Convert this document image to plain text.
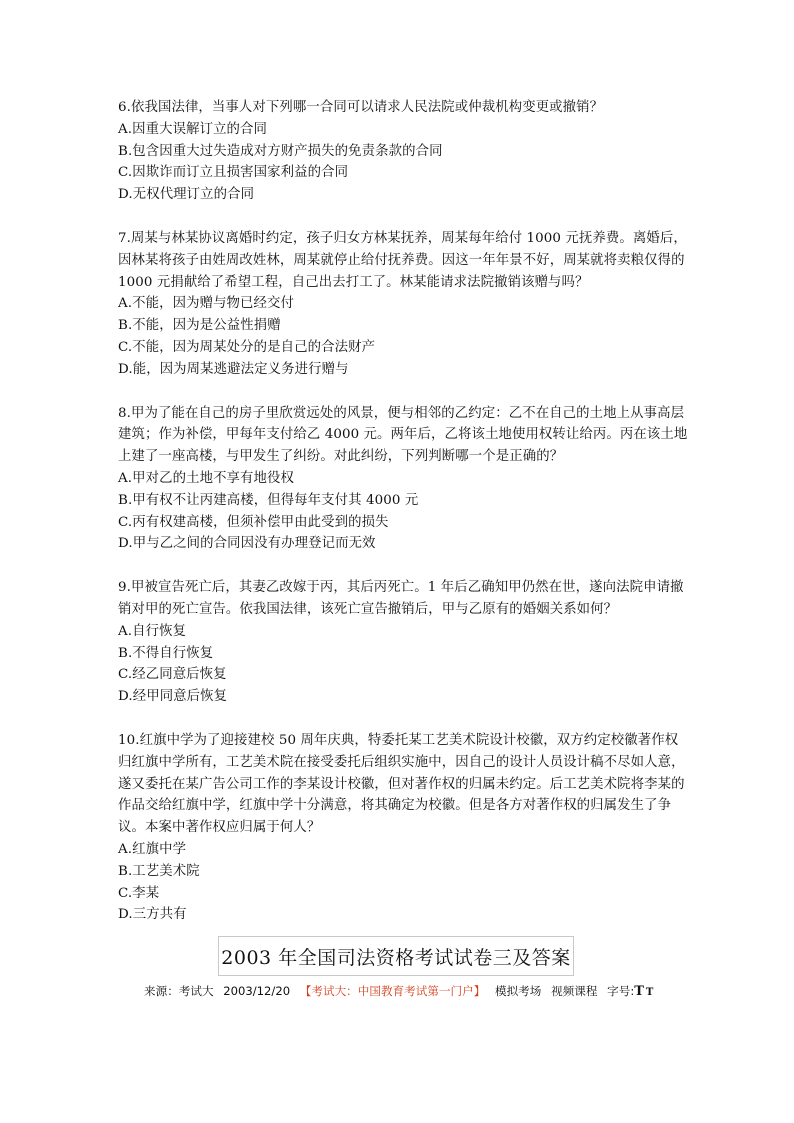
6.依我国法律，当事人对下列哪一合同可以请求人民法院或仲裁机构变更或撤销？

A.因重大误解订立的合同

B.包含因重大过失造成对方财产损失的免责条款的合同

C.因欺诈而订立且损害国家利益的合同

D.无权代理订立的合同

7.周某与林某协议离婚时约定，孩子归女方林某抚养，周某每年给付 1000 元抚养费。离婚后，因林某将孩子由姓周改姓林，周某就停止给付抚养费。因这一年年景不好，周某就将卖粮仅得的 1000 元捐献给了希望工程，自己出去打工了。林某能请求法院撤销该赠与吗？

A.不能，因为赠与物已经交付

B.不能，因为是公益性捐赠

C.不能，因为周某处分的是自己的合法财产

D.能，因为周某逃避法定义务进行赠与

8.甲为了能在自己的房子里欣赏远处的风景，便与相邻的乙约定：乙不在自己的土地上从事高层建筑；作为补偿，甲每年支付给乙 4000 元。两年后，乙将该土地使用权转让给丙。丙在该土地上建了一座高楼，与甲发生了纠纷。对此纠纷，下列判断哪一个是正确的？

A.甲对乙的土地不享有地役权

B.甲有权不让丙建高楼，但得每年支付其 4000 元

C.丙有权建高楼，但须补偿甲由此受到的损失

D.甲与乙之间的合同因没有办理登记而无效

9.甲被宣告死亡后，其妻乙改嫁于丙，其后丙死亡。1 年后乙确知甲仍然在世，遂向法院申请撤销对甲的死亡宣告。依我国法律，该死亡宣告撤销后，甲与乙原有的婚姻关系如何？

A.自行恢复

B.不得自行恢复

C.经乙同意后恢复

D.经甲同意后恢复

10.红旗中学为了迎接建校 50 周年庆典，特委托某工艺美术院设计校徽，双方约定校徽著作权归红旗中学所有，工艺美术院在接受委托后组织实施中，因自己的设计人员设计稿不尽如人意，遂又委托在某广告公司工作的李某设计校徽，但对著作权的归属未约定。后工艺美术院将李某的作品交给红旗中学，红旗中学十分满意，将其确定为校徽。但是各方对著作权的归属发生了争议。本案中著作权应归属于何人？

A.红旗中学

B.工艺美术院

C.李某

D.三方共有

2003 年全国司法资格考试试卷三及答案
来源：考试大 2003/12/20 【考试大：中国教育考试第一门户】 模拟考场 视频课程 字号:T T
